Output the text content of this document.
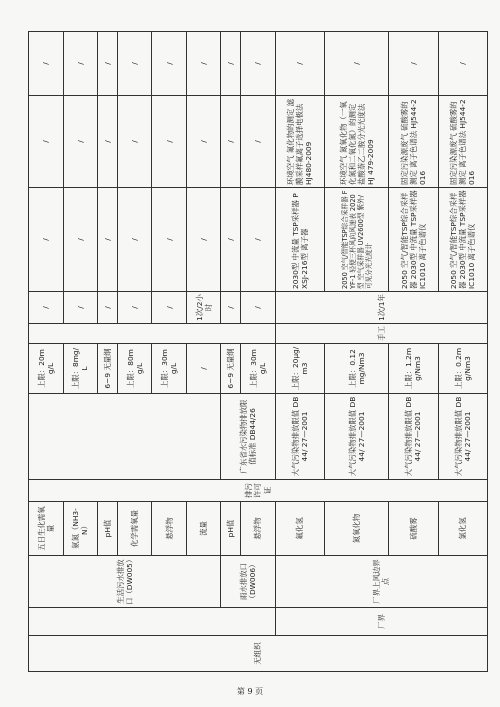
无组织		生活污水排放口（DW005）	五日生化需氧量	排污许可证		上限：20mg/L		/	/	/	/
			氨氮（NH3-N）			上限：8mg/L		/	/	/	/
			pH值			6~9 无量纲		/	/	/	/
			化学需氧量			上限：80mg/L		/	/	/	/
			悬浮物			上限：30mg/L		/	/	/	/
			流量			/		1次/2小时	/	/	/
		雨水排放口（DW006）	pH值		广东省水污染物排放限值标准 DB44/26	6~9 无量纲		/	/	/	/
			悬浮物			上限：30mg/L		/	/	/	/
	厂界	厂界上风边界点	氟化氢		大气污染物排放限值 DB44/ 27—2001	上限：20μg/m3	手工	1次/1年	2030型 中流量 TSP采样器 PXSJ-216型 离子器	环境空气 氟化物的测定 滤膜采样氟离子选择电极法 HJ480-2009	/
			氮氧化物		大气污染物排放限值 DB44/ 27—2001	上限：0.12mg/Nm3			2050 空气/智能TSP综合采样器 FYF-1 轻便三杯风向风速表 2020 型 空气采样器 UV2600型 紫外/可见分光光度计	环境空气 氮氧化物（一氧化氮和二氧化氮）的测定 盐酸萘乙二胺分光光度法 HJ 479-2009	/
			硫酸雾		大气污染物排放限值 DB44/ 27—2001	上限：1.2mg/Nm3			2050 空气/智能TSP综合采样器 2030型 中流量 TSP采样器 IC1010 离子色谱仪	固定污染源废气 硫酸雾的测定 离子色谱法 HJ544-2016	/
			氯化氢		大气污染物排放限值 DB44/ 27—2001	上限：0.2mg/Nm3			2050 空气/智能TSP综合采样器 2030型 中流量 TSP采样器 IC1010 离子色谱仪	固定污染源废气 硫酸雾的测定 离子色谱法 HJ544-2016	/
第 9 页
